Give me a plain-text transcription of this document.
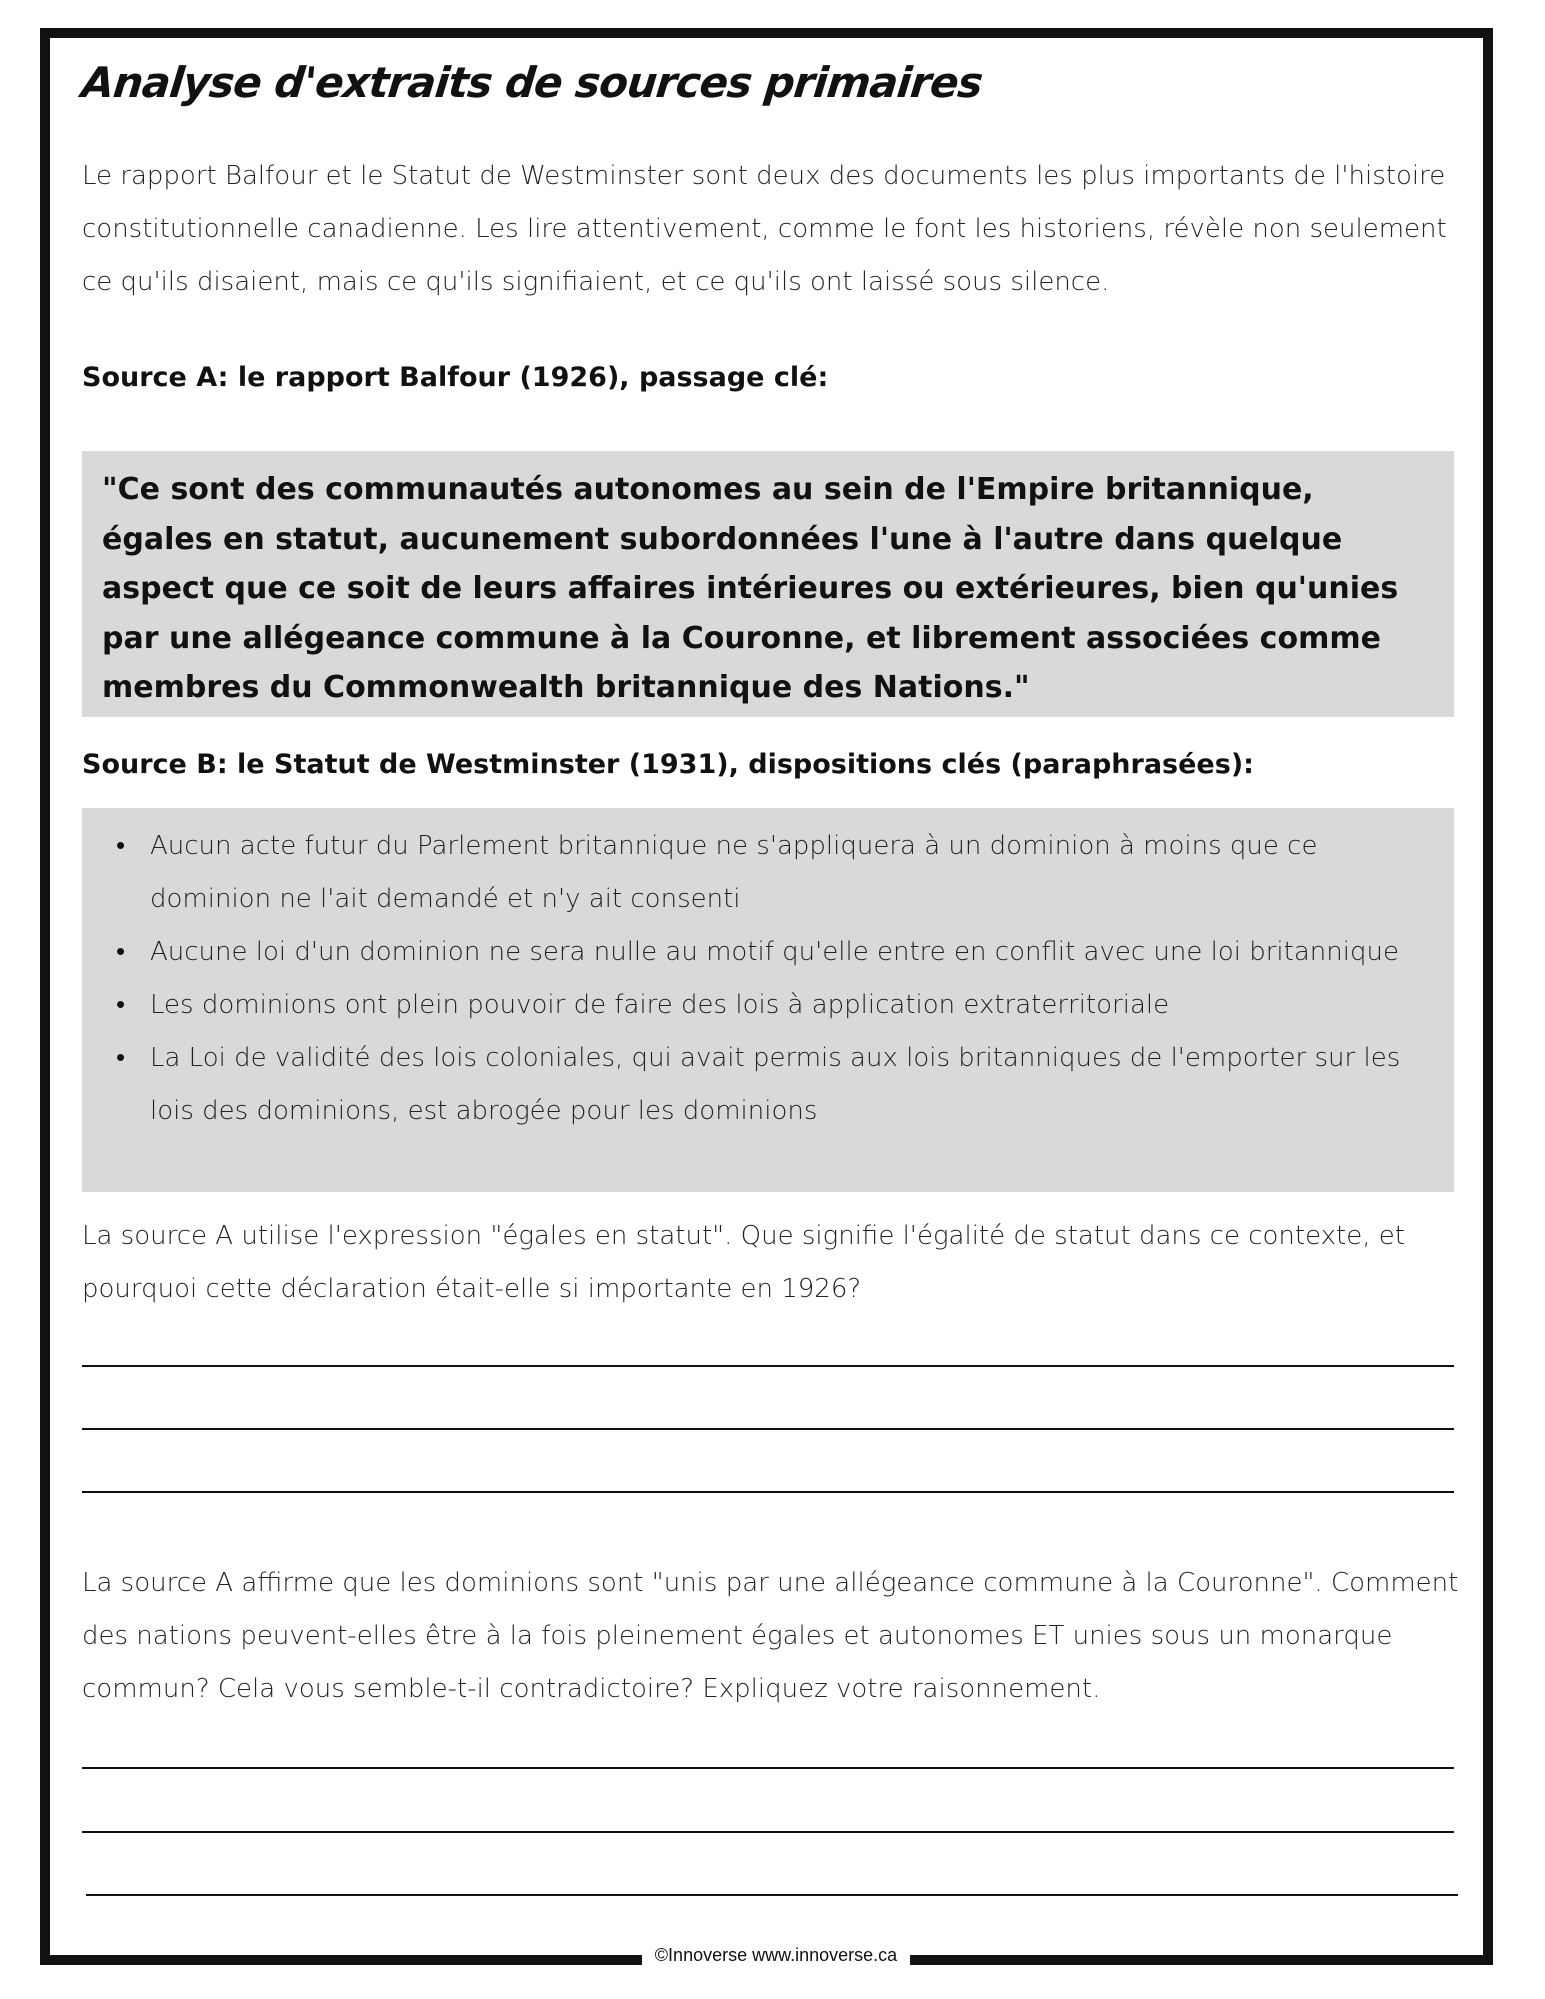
Analyse d'extraits de sources primaires

Le rapport Balfour et le Statut de Westminster sont deux des documents les plus importants de l'histoire constitutionnelle canadienne. Les lire attentivement, comme le font les historiens, révèle non seulement ce qu'ils disaient, mais ce qu'ils signifiaient, et ce qu'ils ont laissé sous silence.

Source A: le rapport Balfour (1926), passage clé:

"Ce sont des communautés autonomes au sein de l'Empire britannique, égales en statut, aucunement subordonnées l'une à l'autre dans quelque aspect que ce soit de leurs affaires intérieures ou extérieures, bien qu'unies par une allégeance commune à la Couronne, et librement associées comme membres du Commonwealth britannique des Nations."

Source B: le Statut de Westminster (1931), dispositions clés (paraphrasées):
• Aucun acte futur du Parlement britannique ne s'appliquera à un dominion à moins que ce dominion ne l'ait demandé et n'y ait consenti
• Aucune loi d'un dominion ne sera nulle au motif qu'elle entre en conflit avec une loi britannique
• Les dominions ont plein pouvoir de faire des lois à application extraterritoriale
• La Loi de validité des lois coloniales, qui avait permis aux lois britanniques de l'emporter sur les lois des dominions, est abrogée pour les dominions

La source A utilise l'expression "égales en statut". Que signifie l'égalité de statut dans ce contexte, et pourquoi cette déclaration était-elle si importante en 1926?

La source A affirme que les dominions sont "unis par une allégeance commune à la Couronne". Comment des nations peuvent-elles être à la fois pleinement égales et autonomes ET unies sous un monarque commun? Cela vous semble-t-il contradictoire? Expliquez votre raisonnement.

©Innoverse www.innoverse.ca
